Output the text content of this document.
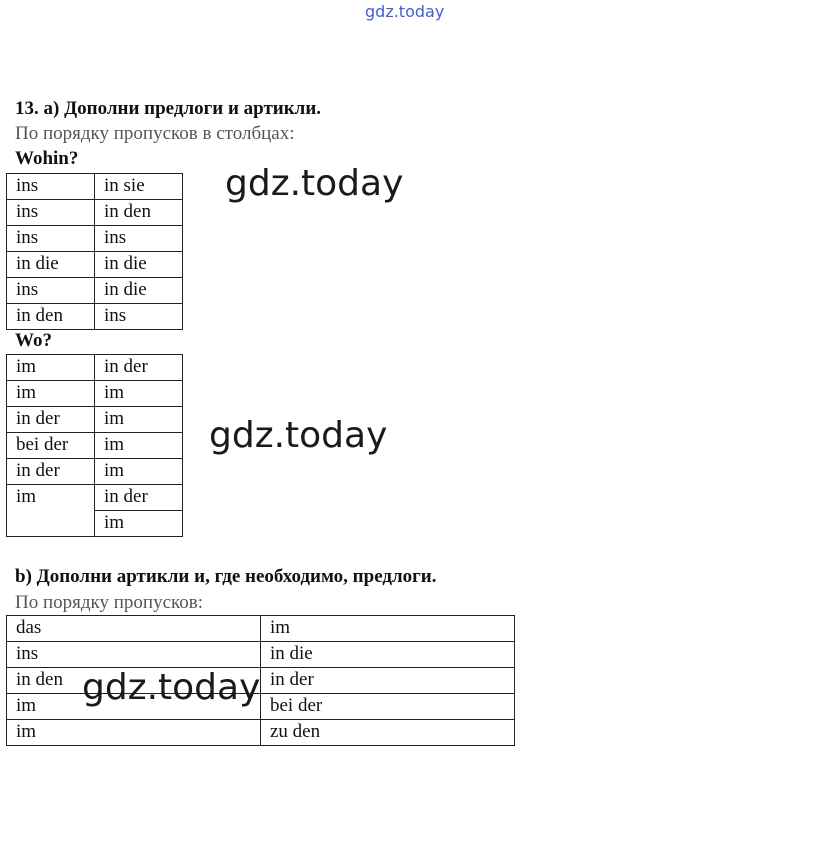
gdz.today
13. а) Дополни предлоги и артикли.
По порядку пропусков в столбцах:
Wohin?
ins	in sie
ins	in den
ins	ins
in die	in die
ins	in die
in den	ins
Wo?
im	in der
im	im
in der	im
bei der	im
in der	im
im	in der
	im
b) Дополни артикли и, где необходимо, предлоги.
По порядку пропусков:
das	im
ins	in die
in den	in der
im	bei der
im	zu den
gdz.today
gdz.today
gdz.today
